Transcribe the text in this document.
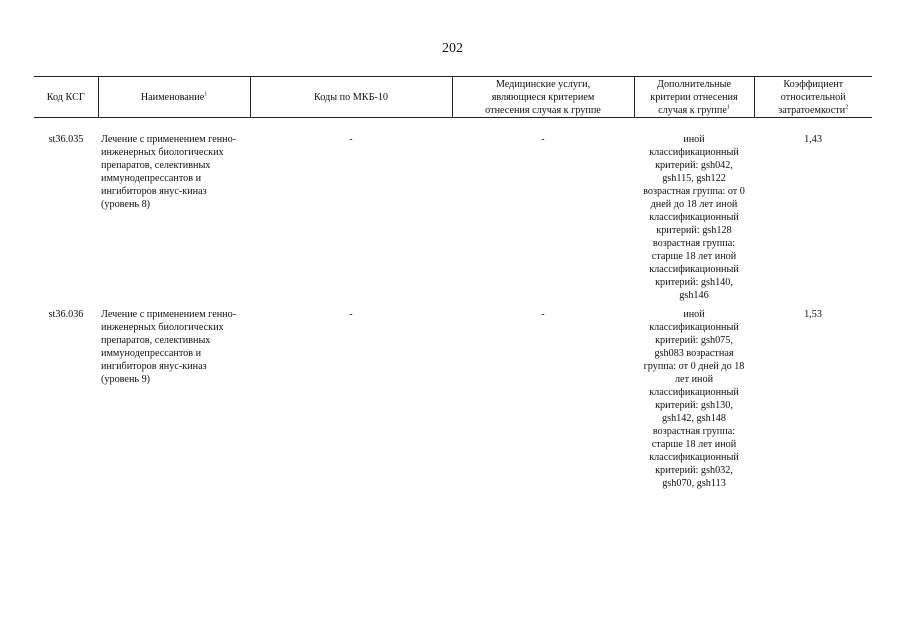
202
Код КСГ	Наименование$^1$	Коды по МКБ-10	Медицинские услуги, являющиеся критерием отнесения случая к группе	Дополнительные критерии отнесения случая к группе$^1$	Коэффициент относительной затратоемкости$^2$

st36.035	Лечение с применением генно-инженерных биологических препаратов, селективных иммунодепрессантов и ингибиторов янус-киназ (уровень 8)	-	-	иной классификационный критерий: gsh042, gsh115, gsh122 возрастная группа: от 0 дней до 18 лет иной классификационный критерий: gsh128 возрастная группа: старше 18 лет иной классификационный критерий: gsh140, gsh146	1,43

st36.036	Лечение с применением генно-инженерных биологических препаратов, селективных иммунодепрессантов и ингибиторов янус-киназ (уровень 9)	-	-	иной классификационный критерий: gsh075, gsh083 возрастная группа: от 0 дней до 18 лет иной классификационный критерий: gsh130, gsh142, gsh148 возрастная группа: старше 18 лет иной классификационный критерий: gsh032, gsh070, gsh113	1,53
